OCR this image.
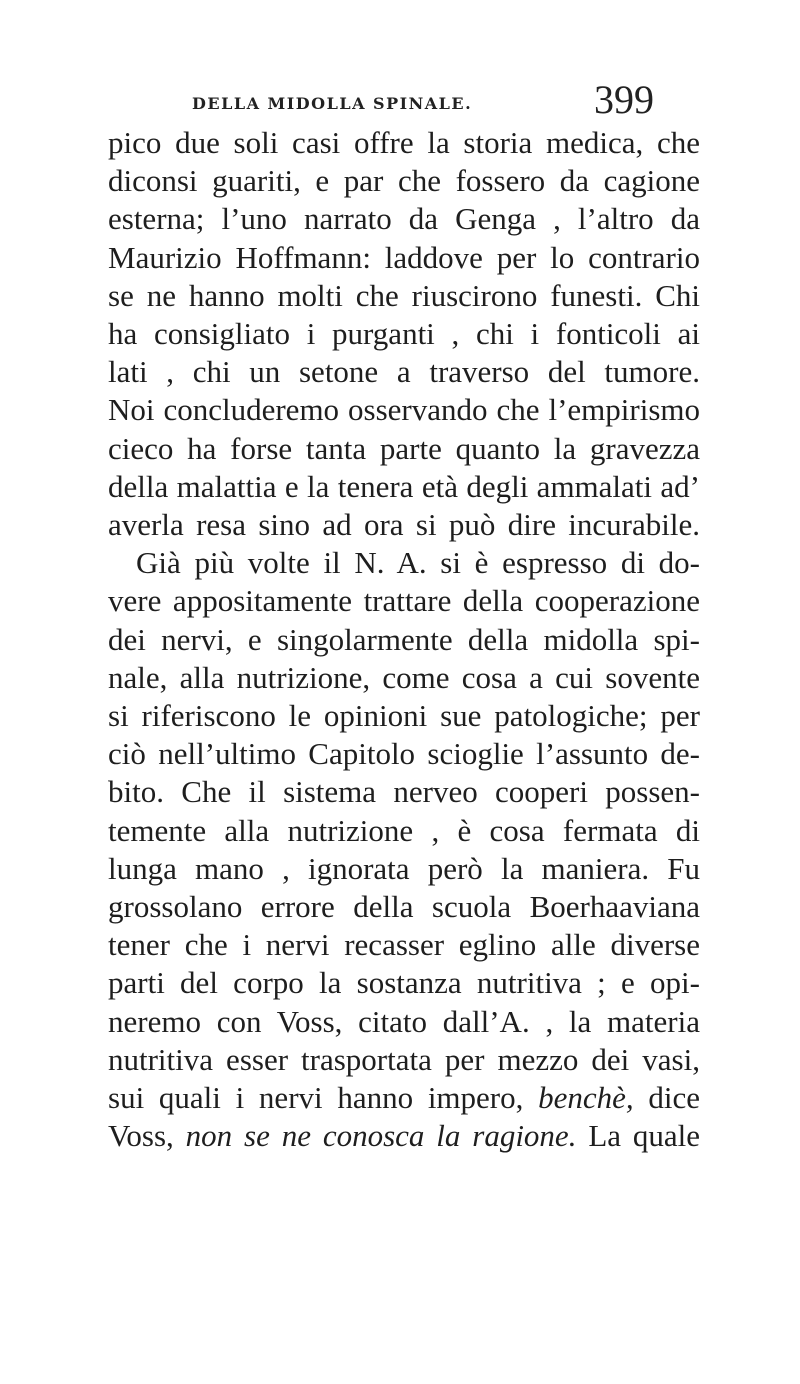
DELLA MIDOLLA SPINALE.	399
pico due soli casi offre la storia medica, che
diconsi guariti, e par che fossero da cagione
esterna; l’uno narrato da Genga , l’altro da
Maurizio Hoffmann: laddove per lo contrario
se ne hanno molti che riuscirono funesti. Chi
ha consigliato i purganti , chi i fonticoli ai
lati , chi un setone a traverso del tumore.
Noi concluderemo osservando che l’empirismo
cieco ha forse tanta parte quanto la gravezza
della malattia e la tenera età degli ammalati ad’
averla resa sino ad ora si può dire incurabile.
Già più volte il N. A. si è espresso di do-
vere appositamente trattare della cooperazione
dei nervi, e singolarmente della midolla spi-
nale, alla nutrizione, come cosa a cui sovente
si riferiscono le opinioni sue patologiche; per
ciò nell’ultimo Capitolo scioglie l’assunto de-
bito. Che il sistema nerveo cooperi possen-
temente alla nutrizione , è cosa fermata di
lunga mano , ignorata però la maniera. Fu
grossolano errore della scuola Boerhaaviana
tener che i nervi recasser eglino alle diverse
parti del corpo la sostanza nutritiva ; e opi-
neremo con Voss, citato dall’A. , la materia
nutritiva esser trasportata per mezzo dei vasi,
sui quali i nervi hanno impero, benchè, dice
Voss, non se ne conosca la ragione. La quale
